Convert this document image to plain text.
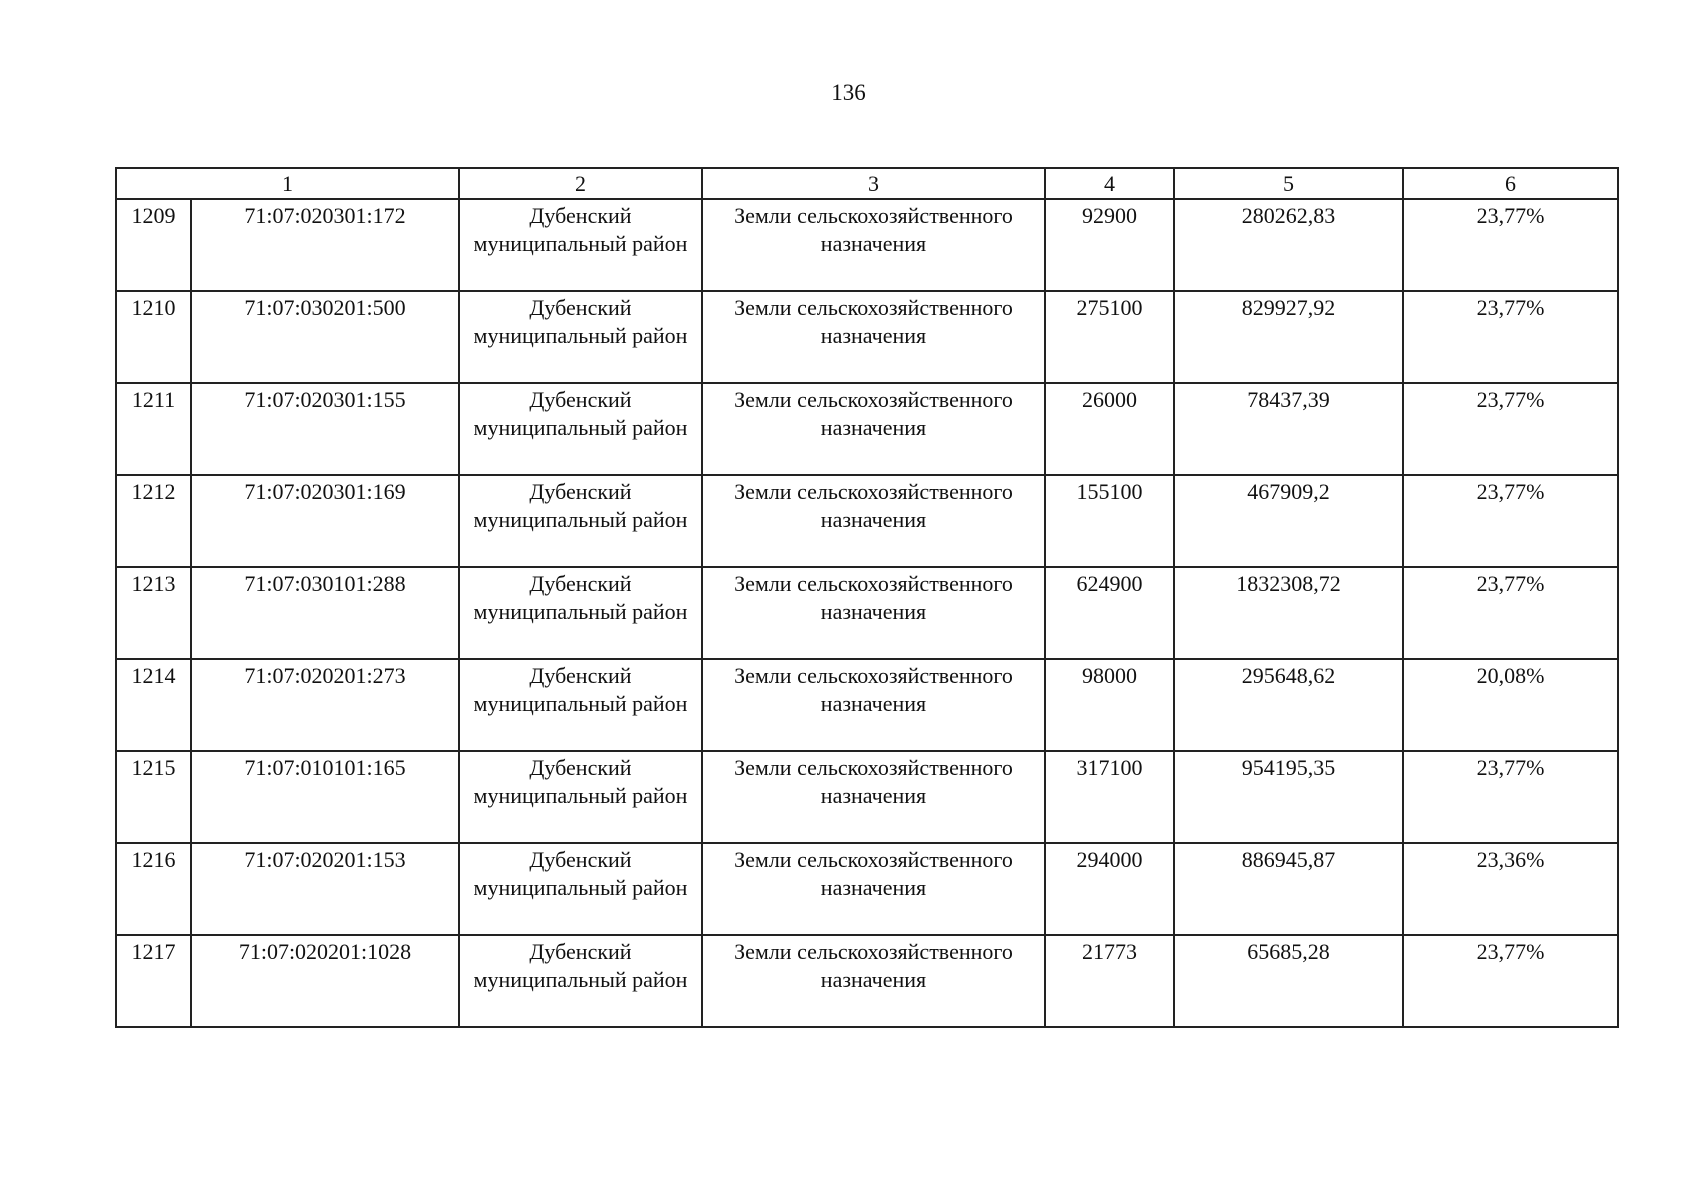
136
1		2	3	4	5	6
1209	71:07:020301:172	Дубенский муниципальный район	Земли сельскохозяйственного назначения	92900	280262,83	23,77%
1210	71:07:030201:500	Дубенский муниципальный район	Земли сельскохозяйственного назначения	275100	829927,92	23,77%
1211	71:07:020301:155	Дубенский муниципальный район	Земли сельскохозяйственного назначения	26000	78437,39	23,77%
1212	71:07:020301:169	Дубенский муниципальный район	Земли сельскохозяйственного назначения	155100	467909,2	23,77%
1213	71:07:030101:288	Дубенский муниципальный район	Земли сельскохозяйственного назначения	624900	1832308,72	23,77%
1214	71:07:020201:273	Дубенский муниципальный район	Земли сельскохозяйственного назначения	98000	295648,62	20,08%
1215	71:07:010101:165	Дубенский муниципальный район	Земли сельскохозяйственного назначения	317100	954195,35	23,77%
1216	71:07:020201:153	Дубенский муниципальный район	Земли сельскохозяйственного назначения	294000	886945,87	23,36%
1217	71:07:020201:1028	Дубенский муниципальный район	Земли сельскохозяйственного назначения	21773	65685,28	23,77%
